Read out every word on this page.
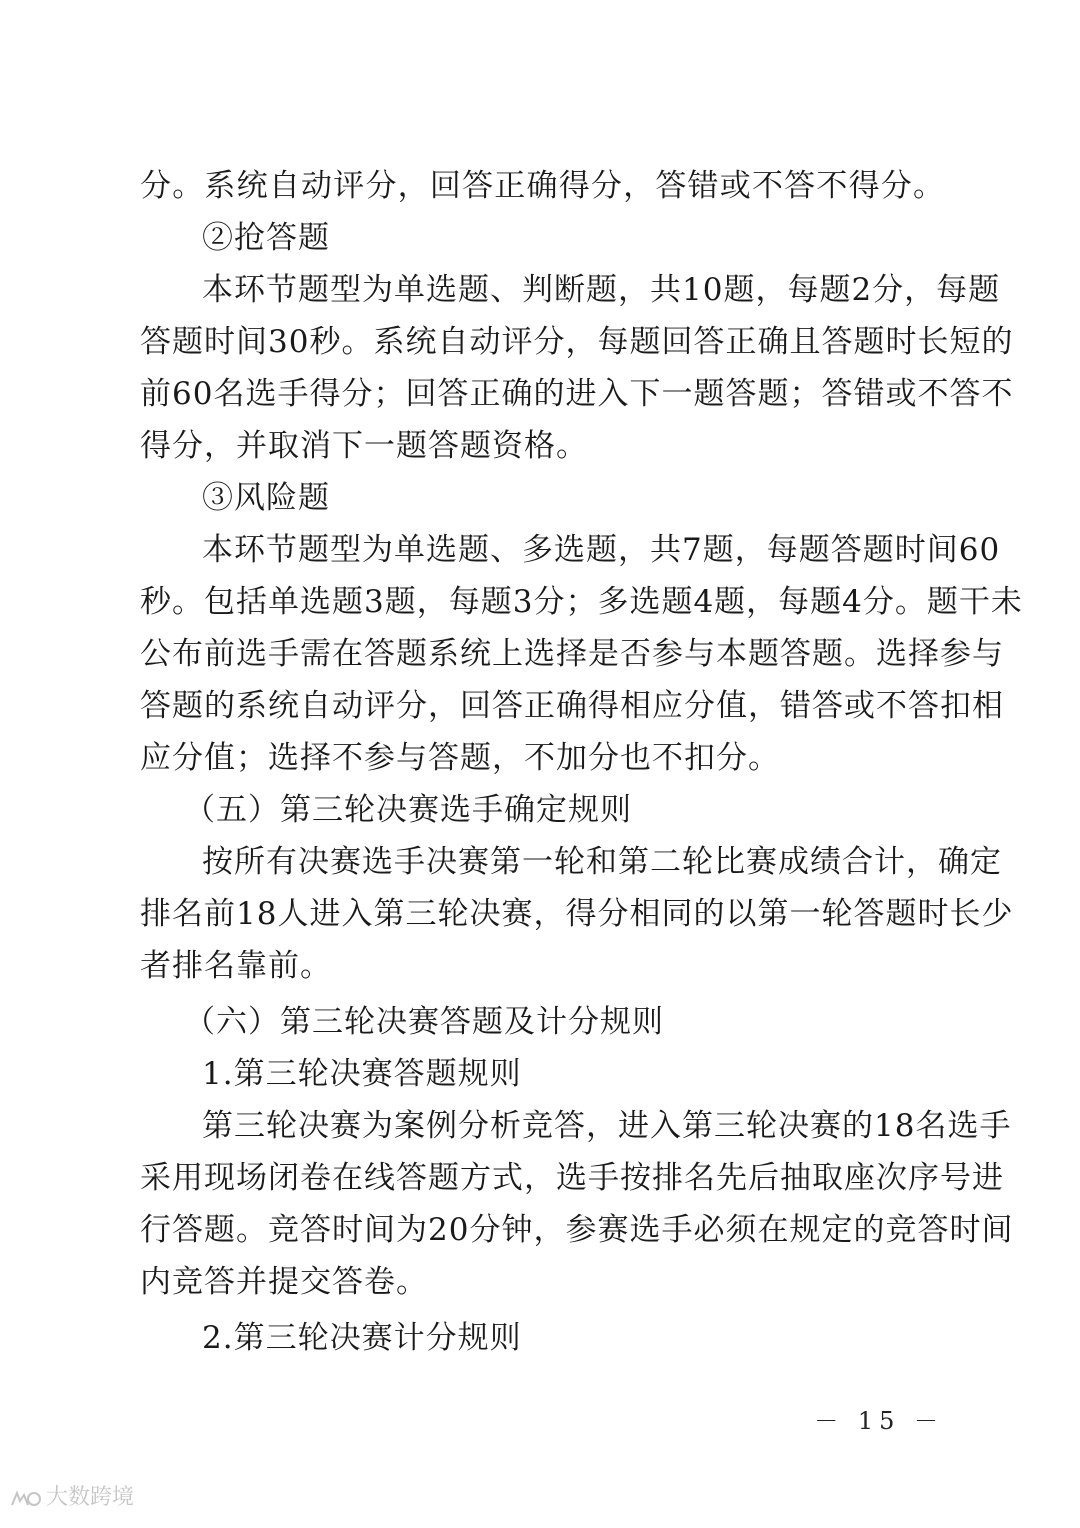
分。系统自动评分，回答正确得分，答错或不答不得分。
②抢答题
本环节题型为单选题、判断题，共10题，每题2分，每题
答题时间30秒。系统自动评分，每题回答正确且答题时长短的
前60名选手得分；回答正确的进入下一题答题；答错或不答不
得分，并取消下一题答题资格。
③风险题
本环节题型为单选题、多选题，共7题，每题答题时间60
秒。包括单选题3题，每题3分；多选题4题，每题4分。题干未
公布前选手需在答题系统上选择是否参与本题答题。选择参与
答题的系统自动评分，回答正确得相应分值，错答或不答扣相
应分值；选择不参与答题，不加分也不扣分。
（五）第三轮决赛选手确定规则
按所有决赛选手决赛第一轮和第二轮比赛成绩合计，确定
排名前18人进入第三轮决赛，得分相同的以第一轮答题时长少
者排名靠前。
（六）第三轮决赛答题及计分规则
1.第三轮决赛答题规则
第三轮决赛为案例分析竞答，进入第三轮决赛的18名选手
采用现场闭卷在线答题方式，选手按排名先后抽取座次序号进
行答题。竞答时间为20分钟，参赛选手必须在规定的竞答时间
内竞答并提交答卷。
2.第三轮决赛计分规则
－ 15 －
大数跨境
